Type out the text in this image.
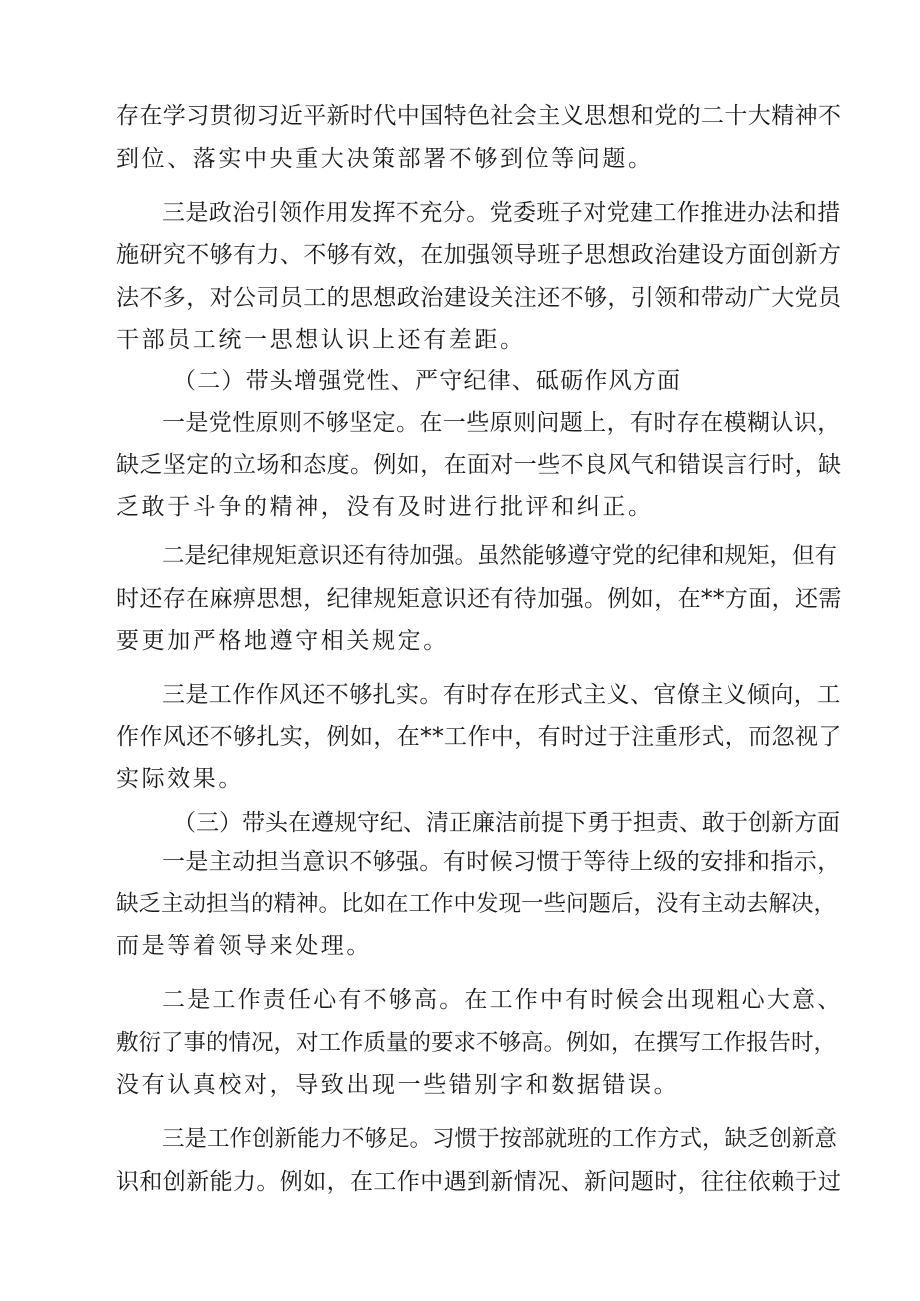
存在学习贯彻习近平新时代中国特色社会主义思想和党的二十大精神不
到位、落实中央重大决策部署不够到位等问题。
三是政治引领作用发挥不充分。党委班子对党建工作推进办法和措
施研究不够有力、不够有效，在加强领导班子思想政治建设方面创新方
法不多，对公司员工的思想政治建设关注还不够，引领和带动广大党员
干部员工统一思想认识上还有差距。
（二）带头增强党性、严守纪律、砥砺作风方面
一是党性原则不够坚定。在一些原则问题上，有时存在模糊认识，
缺乏坚定的立场和态度。例如，在面对一些不良风气和错误言行时，缺
乏敢于斗争的精神，没有及时进行批评和纠正。
二是纪律规矩意识还有待加强。虽然能够遵守党的纪律和规矩，但有
时还存在麻痹思想，纪律规矩意识还有待加强。例如，在**方面，还需
要更加严格地遵守相关规定。
三是工作作风还不够扎实。有时存在形式主义、官僚主义倾向，工
作作风还不够扎实，例如，在**工作中，有时过于注重形式，而忽视了
实际效果。
（三）带头在遵规守纪、清正廉洁前提下勇于担责、敢于创新方面
一是主动担当意识不够强。有时候习惯于等待上级的安排和指示，
缺乏主动担当的精神。比如在工作中发现一些问题后，没有主动去解决，
而是等着领导来处理。
二是工作责任心有不够高。在工作中有时候会出现粗心大意、
敷衍了事的情况，对工作质量的要求不够高。例如，在撰写工作报告时，
没有认真校对，导致出现一些错别字和数据错误。
三是工作创新能力不够足。习惯于按部就班的工作方式，缺乏创新意
识和创新能力。例如，在工作中遇到新情况、新问题时，往往依赖于过
